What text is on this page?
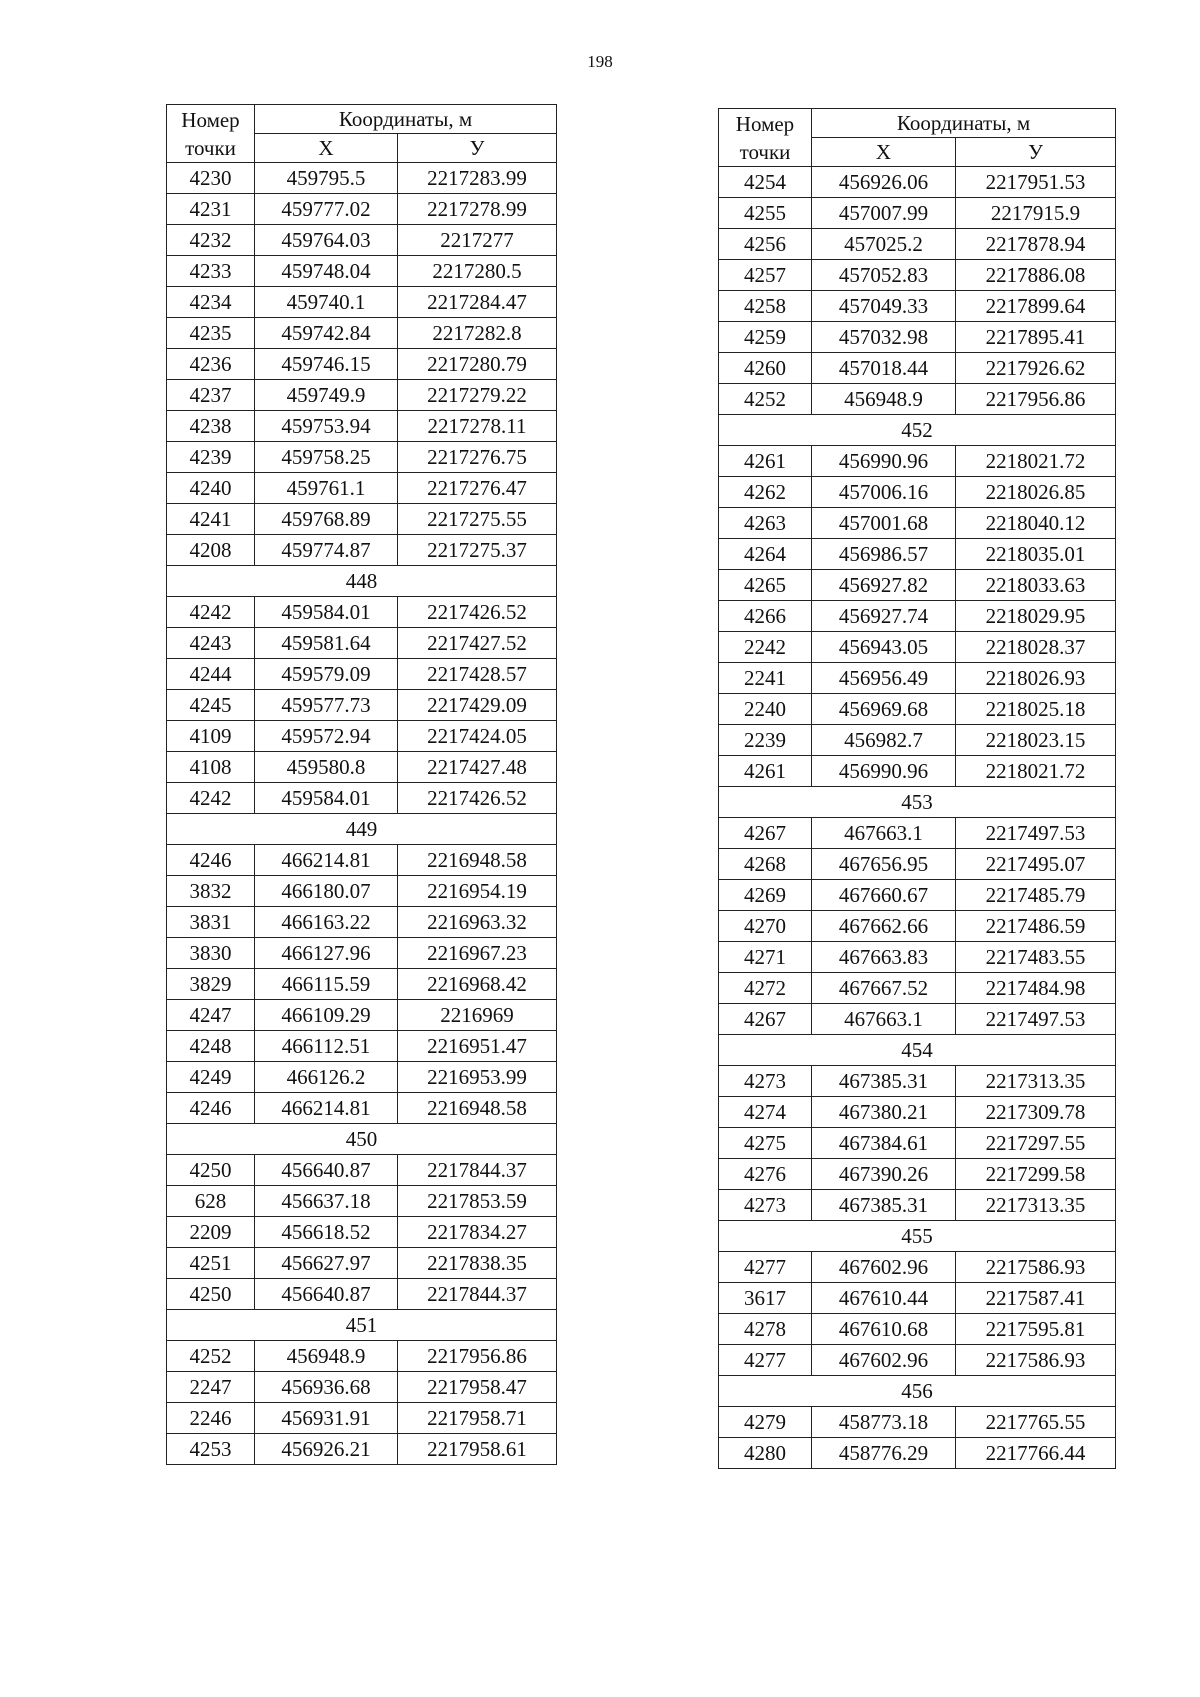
198
Номер точки	Координаты, м	
	Х	У
4230	459795.5	2217283.99
4231	459777.02	2217278.99
4232	459764.03	2217277
4233	459748.04	2217280.5
4234	459740.1	2217284.47
4235	459742.84	2217282.8
4236	459746.15	2217280.79
4237	459749.9	2217279.22
4238	459753.94	2217278.11
4239	459758.25	2217276.75
4240	459761.1	2217276.47
4241	459768.89	2217275.55
4208	459774.87	2217275.37
448		
4242	459584.01	2217426.52
4243	459581.64	2217427.52
4244	459579.09	2217428.57
4245	459577.73	2217429.09
4109	459572.94	2217424.05
4108	459580.8	2217427.48
4242	459584.01	2217426.52
449		
4246	466214.81	2216948.58
3832	466180.07	2216954.19
3831	466163.22	2216963.32
3830	466127.96	2216967.23
3829	466115.59	2216968.42
4247	466109.29	2216969
4248	466112.51	2216951.47
4249	466126.2	2216953.99
4246	466214.81	2216948.58
450		
4250	456640.87	2217844.37
628	456637.18	2217853.59
2209	456618.52	2217834.27
4251	456627.97	2217838.35
4250	456640.87	2217844.37
451		
4252	456948.9	2217956.86
2247	456936.68	2217958.47
2246	456931.91	2217958.71
4253	456926.21	2217958.61
Номер точки	Координаты, м	
	Х	У
4254	456926.06	2217951.53
4255	457007.99	2217915.9
4256	457025.2	2217878.94
4257	457052.83	2217886.08
4258	457049.33	2217899.64
4259	457032.98	2217895.41
4260	457018.44	2217926.62
4252	456948.9	2217956.86
452		
4261	456990.96	2218021.72
4262	457006.16	2218026.85
4263	457001.68	2218040.12
4264	456986.57	2218035.01
4265	456927.82	2218033.63
4266	456927.74	2218029.95
2242	456943.05	2218028.37
2241	456956.49	2218026.93
2240	456969.68	2218025.18
2239	456982.7	2218023.15
4261	456990.96	2218021.72
453		
4267	467663.1	2217497.53
4268	467656.95	2217495.07
4269	467660.67	2217485.79
4270	467662.66	2217486.59
4271	467663.83	2217483.55
4272	467667.52	2217484.98
4267	467663.1	2217497.53
454		
4273	467385.31	2217313.35
4274	467380.21	2217309.78
4275	467384.61	2217297.55
4276	467390.26	2217299.58
4273	467385.31	2217313.35
455		
4277	467602.96	2217586.93
3617	467610.44	2217587.41
4278	467610.68	2217595.81
4277	467602.96	2217586.93
456		
4279	458773.18	2217765.55
4280	458776.29	2217766.44
